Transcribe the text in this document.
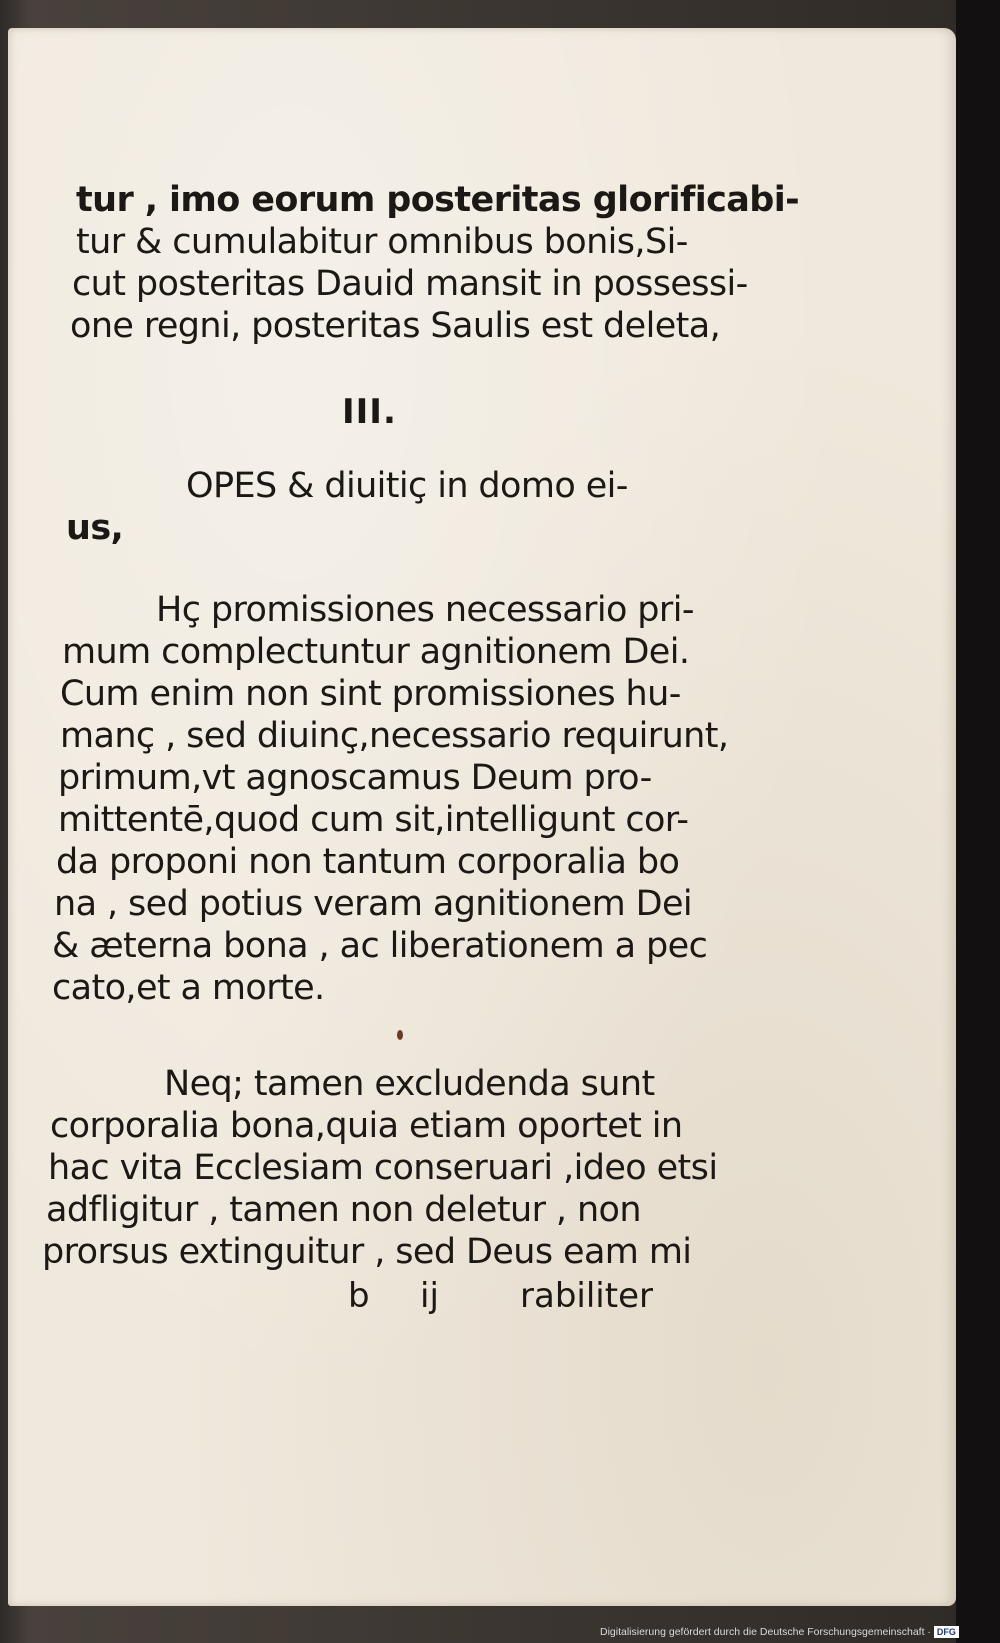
tur , imo eorum posteritas glorificabi-
tur & cumulabitur omnibus bonis,Si-
cut posteritas Dauid mansit in possessi-
one regni, posteritas Saulis est deleta,
III.
OPES & diuitiç in domo ei-
us,
Hç promissiones necessario pri-
mum complectuntur agnitionem Dei.
Cum enim non sint promissiones hu-
manç , sed diuinç,necessario requirunt,
primum,vt agnoscamus Deum pro-
mittentē,quod cum sit,intelligunt cor-
da proponi non tantum corporalia bo
na , sed potius veram agnitionem Dei
& æterna bona , ac liberationem a pec
cato,et a morte.
Neq; tamen excludenda sunt
corporalia bona,quia etiam oportet in
hac vita Ecclesiam conseruari ,ideo etsi
adfligitur , tamen non deletur , non
prorsus extinguitur , sed Deus eam mi
b ij rabiliter
Digitalisierung gefördert durch die Deutsche Forschungsgemeinschaft · DFG
